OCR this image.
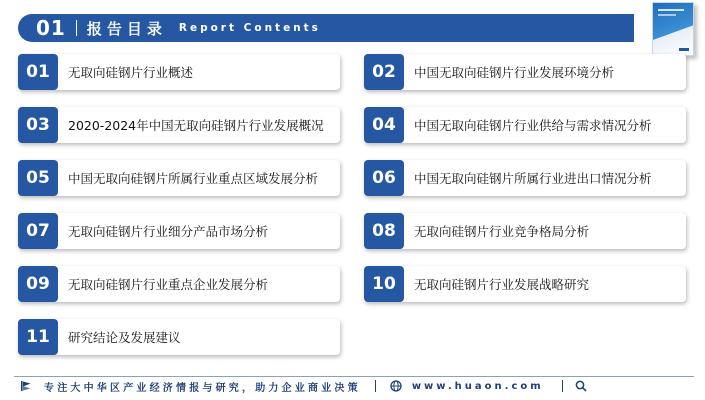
01 报告目录 Report Contents
01	无取向硅钢片行业概述	02	中国无取向硅钢片行业发展环境分析
03	2020-2024年中国无取向硅钢片行业发展概况	04	中国无取向硅钢片行业供给与需求情况分析
05	中国无取向硅钢片所属行业重点区域发展分析	06	中国无取向硅钢片所属行业进出口情况分析
07	无取向硅钢片行业细分产品市场分析	08	无取向硅钢片行业竞争格局分析
09	无取向硅钢片行业重点企业发展分析	10	无取向硅钢片行业发展战略研究
11	研究结论及发展建议
专注大中华区产业经济情报与研究，助力企业商业决策	www.huaon.com
